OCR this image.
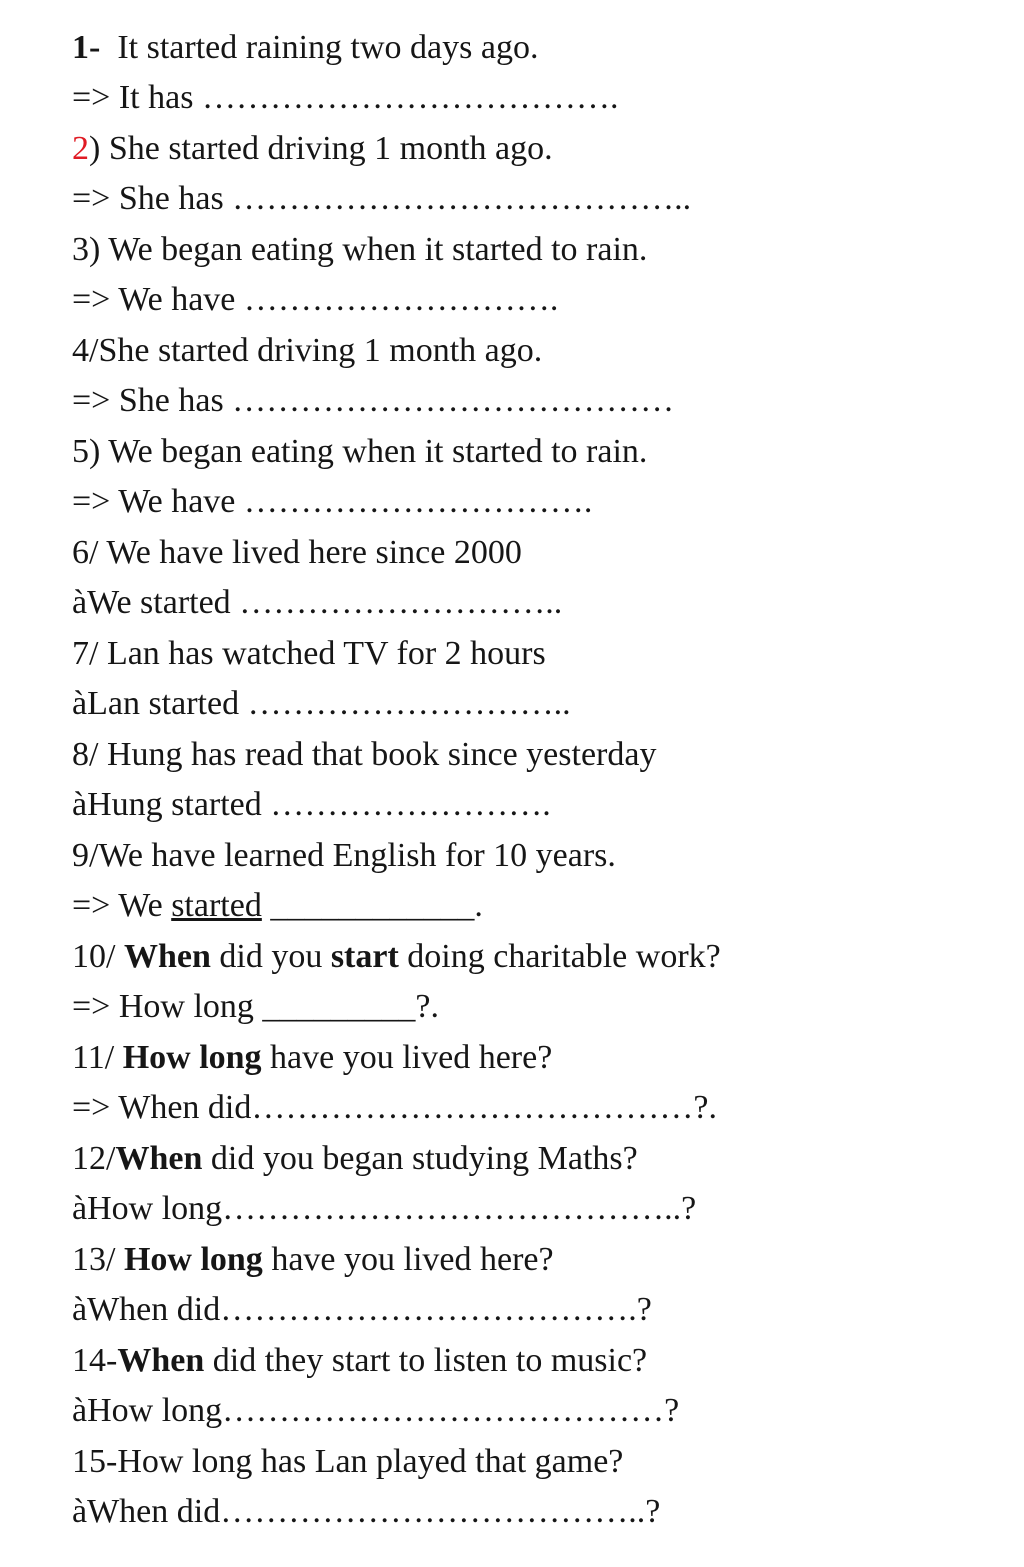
1-  It started raining two days ago.
=> It has ……………………………….
2) She started driving 1 month ago.
=> She has …………………………………..
3) We began eating when it started to rain.
=> We have ……………………….
4/She started driving 1 month ago.
=> She has …………………………………
5) We began eating when it started to rain.
=> We have ………………………….
6/ We have lived here since 2000
àWe started ………………………..
7/ Lan has watched TV for 2 hours
àLan started ………………………..
8/ Hung has read that book since yesterday
àHung started …………………….
9/We have learned English for 10 years.
=> We started ____________.
10/ When did you start doing charitable work?
=> How long _________?.
11/ How long have you lived here?
=> When did…………………………………?.
12/When did you began studying Maths?
àHow long…………………………………..?
13/ How long have you lived here?
àWhen did……………………………….?
14-When did they start to listen to music?
àHow long…………………………………?
15-How long has Lan played that game?
àWhen did………………………………..?
